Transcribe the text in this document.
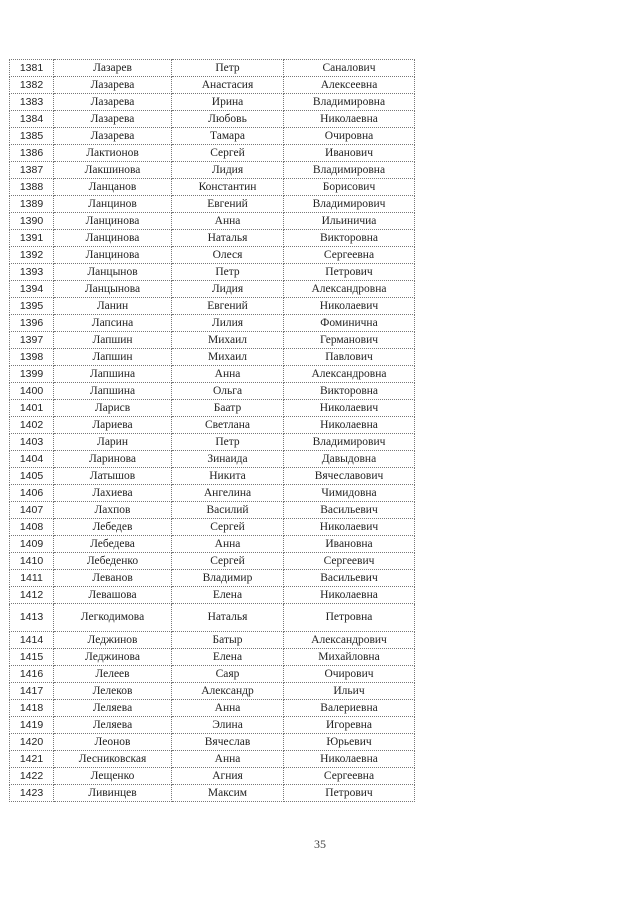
1381	Лазарев	Петр	Саналович
1382	Лазарева	Анастасия	Алексеевна
1383	Лазарева	Ирина	Владимировна
1384	Лазарева	Любовь	Николаевна
1385	Лазарева	Тамара	Очировна
1386	Лактионов	Сергей	Иванович
1387	Лакшинова	Лидия	Владимировна
1388	Ланцанов	Константин	Борисович
1389	Ланцинов	Евгений	Владимирович
1390	Ланцинова	Анна	Ильиничиа
1391	Ланцинова	Наталья	Викторовна
1392	Ланцинова	Олеся	Сергеевна
1393	Ланцынов	Петр	Петрович
1394	Ланцынова	Лидия	Александровна
1395	Ланин	Евгений	Николаевич
1396	Лапсина	Лилия	Фоминична
1397	Лапшин	Михаил	Германович
1398	Лапшин	Михаил	Павлович
1399	Лапшина	Анна	Александровна
1400	Лапшина	Ольга	Викторовна
1401	Ларисв	Баатр	Николаевич
1402	Лариева	Светлана	Николаевна
1403	Ларин	Петр	Владимирович
1404	Ларинова	Зинаида	Давыдовна
1405	Латышов	Никита	Вячеславович
1406	Лахиева	Ангелина	Чимидовна
1407	Лахпов	Василий	Васильевич
1408	Лебедев	Сергей	Николаевич
1409	Лебедева	Анна	Ивановна
1410	Лебеденко	Сергей	Сергеевич
1411	Леванов	Владимир	Васильевич
1412	Левашова	Елена	Николаевна
1413	Легкодимова	Наталья	Петровна
1414	Леджинов	Батыр	Александрович
1415	Леджинова	Елена	Михайловна
1416	Лелеев	Саяр	Очирович
1417	Лелеков	Александр	Ильич
1418	Леляева	Анна	Валериевна
1419	Леляева	Элина	Игоревна
1420	Леонов	Вячеслав	Юрьевич
1421	Лесниковская	Анна	Николаевна
1422	Лещенко	Агния	Сергеевна
1423	Ливинцев	Максим	Петрович
35
